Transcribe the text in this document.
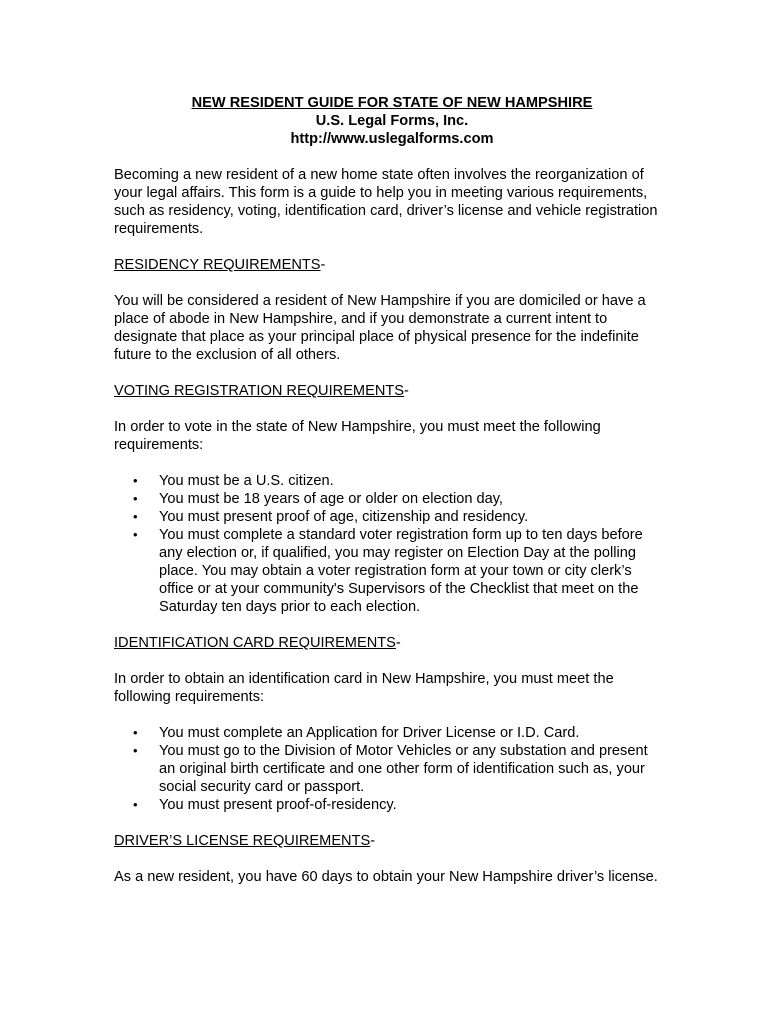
NEW RESIDENT GUIDE FOR STATE OF NEW HAMPSHIRE
U.S. Legal Forms, Inc.
http://www.uslegalforms.com

Becoming a new resident of a new home state often involves the reorganization of your legal affairs. This form is a guide to help you in meeting various requirements, such as residency, voting, identification card, driver’s license and vehicle registration requirements.

RESIDENCY REQUIREMENTS-

You will be considered a resident of New Hampshire if you are domiciled or have a place of abode in New Hampshire, and if you demonstrate a current intent to designate that place as your principal place of physical presence for the indefinite future to the exclusion of all others.

VOTING REGISTRATION REQUIREMENTS-

In order to vote in the state of New Hampshire, you must meet the following requirements:

• You must be a U.S. citizen.
• You must be 18 years of age or older on election day,
• You must present proof of age, citizenship and residency.
• You must complete a standard voter registration form up to ten days before any election or, if qualified, you may register on Election Day at the polling place. You may obtain a voter registration form at your town or city clerk’s office or at your community's Supervisors of the Checklist that meet on the Saturday ten days prior to each election.

IDENTIFICATION CARD REQUIREMENTS-

In order to obtain an identification card in New Hampshire, you must meet the following requirements:

• You must complete an Application for Driver License or I.D. Card.
• You must go to the Division of Motor Vehicles or any substation and present an original birth certificate and one other form of identification such as, your social security card or passport.
• You must present proof-of-residency.

DRIVER’S LICENSE REQUIREMENTS-

As a new resident, you have 60 days to obtain your New Hampshire driver’s license.
